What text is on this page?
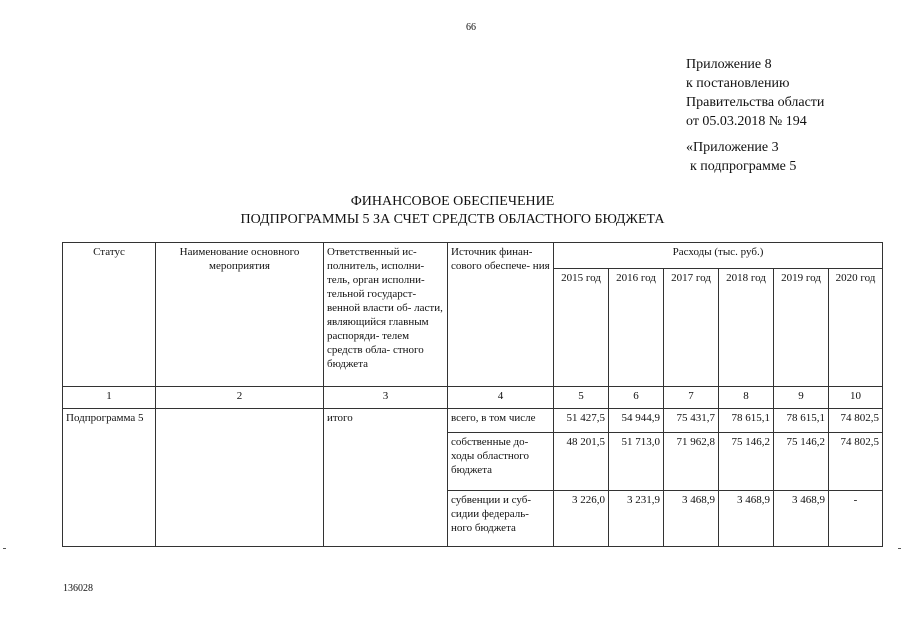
66
Приложение 8
к постановлению
Правительства области
от 05.03.2018 № 194
«Приложение 3
к подпрограмме 5
ФИНАНСОВОЕ ОБЕСПЕЧЕНИЕ
ПОДПРОГРАММЫ 5 ЗА СЧЕТ СРЕДСТВ ОБЛАСТНОГО БЮДЖЕТА
Статус	Наименование основного мероприятия	Ответственный ис- полнитель, исполни- тель, орган исполни- тельной государст- венной власти об- ласти, являющийся главным распоряди- телем средств обла- стного бюджета	Источник финан- сового обеспече- ния	Расходы (тыс. руб.)					
				2015 год	2016 год	2017 год	2018 год	2019 год	2020 год
1	2	3	4	5	6	7	8	9	10
Подпрограмма 5		итого	всего, в том числе	51 427,5	54 944,9	75 431,7	78 615,1	78 615,1	74 802,5
			собственные до- ходы областного бюджета	48 201,5	51 713,0	71 962,8	75 146,2	75 146,2	74 802,5
			субвенции и суб- сидии федераль- ного бюджета	3 226,0	3 231,9	3 468,9	3 468,9	3 468,9	-
136028
